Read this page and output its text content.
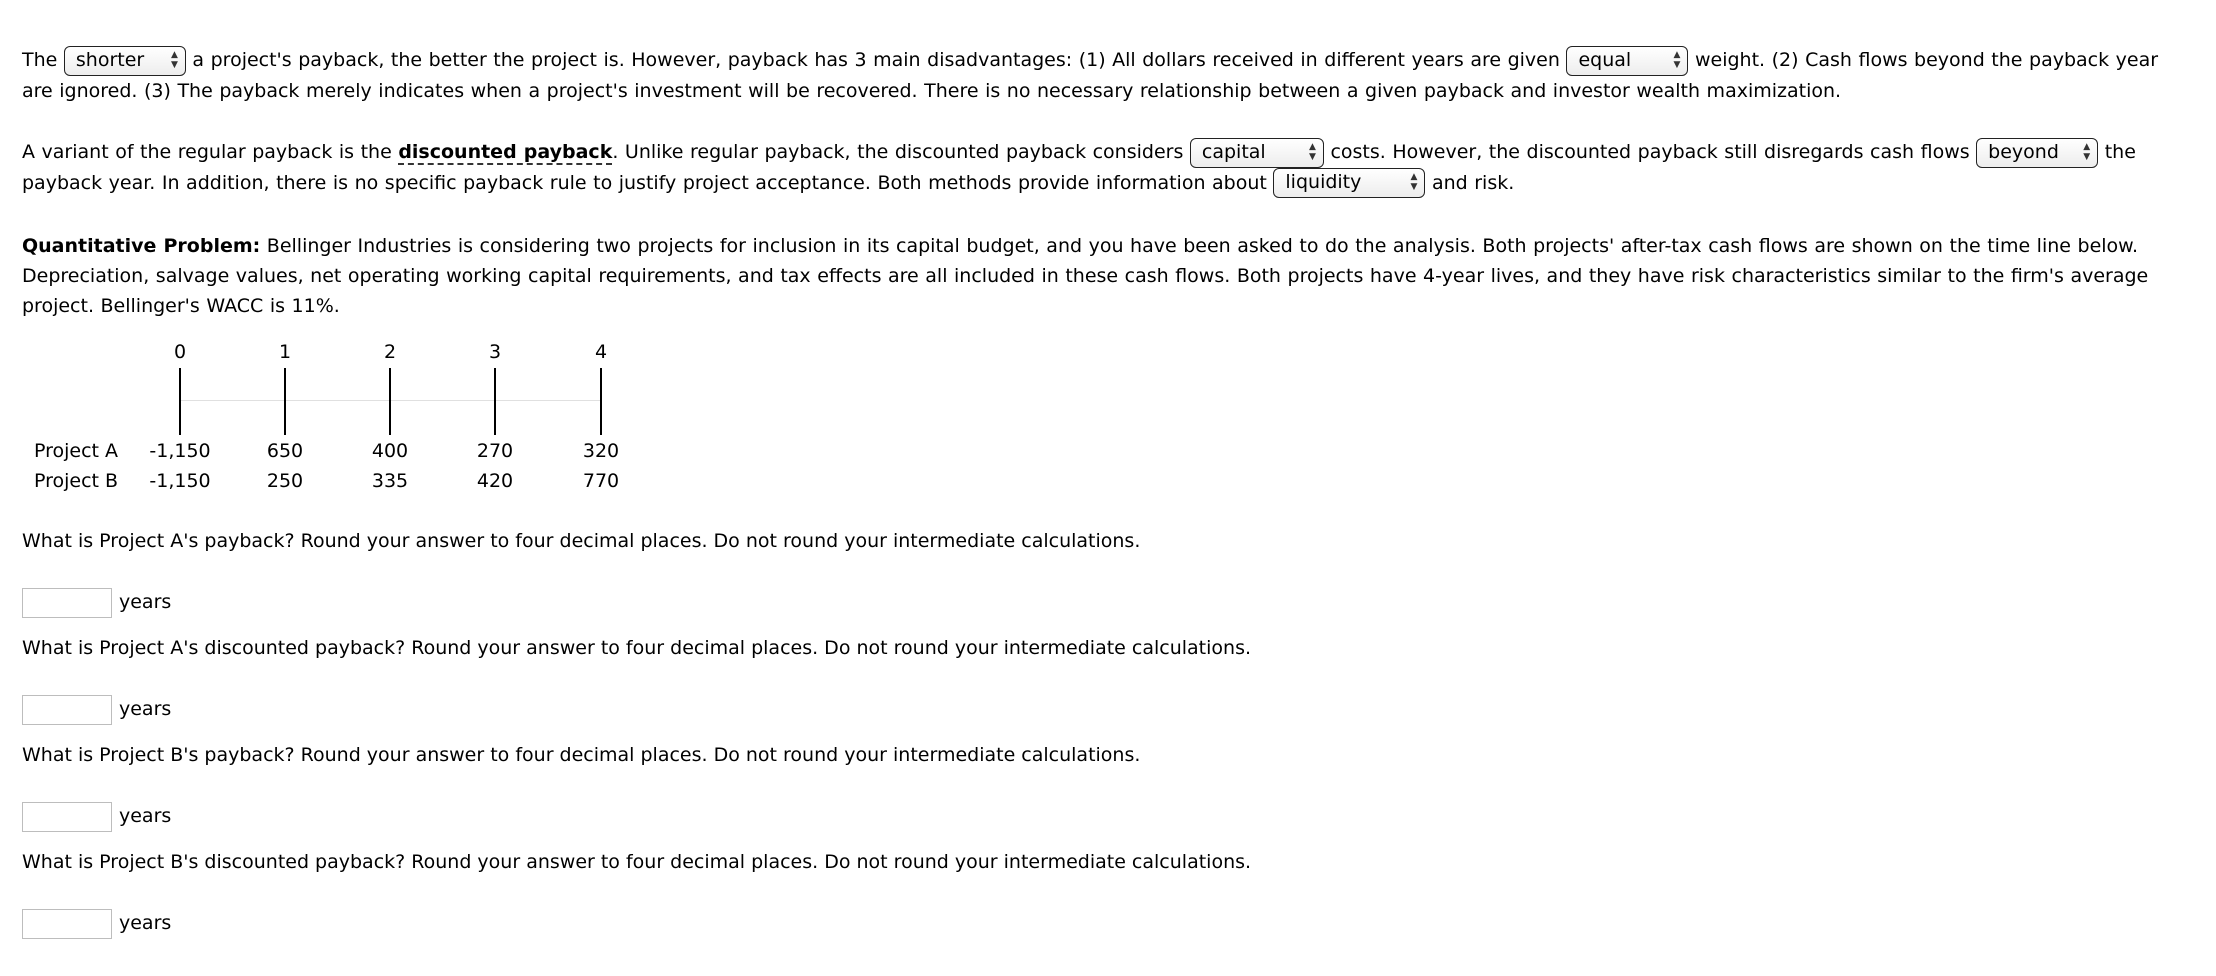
The shorter	▲
▼ a project's payback, the better the project is. However, payback has 3 main disadvantages: (1) All dollars received in different years are given equal	▲
▼ weight. (2) Cash flows beyond the payback year are ignored. (3) The payback merely indicates when a project's investment will be recovered. There is no necessary relationship between a given payback and investor wealth maximization.

A variant of the regular payback is the discounted payback. Unlike regular payback, the discounted payback considers capital	▲
▼ costs. However, the discounted payback still disregards cash flows beyond	▲
▼ the payback year. In addition, there is no specific payback rule to justify project acceptance. Both methods provide information about liquidity	▲
▼ and risk.

Quantitative Problem: Bellinger Industries is considering two projects for inclusion in its capital budget, and you have been asked to do the analysis. Both projects' after-tax cash flows are shown on the time line below. Depreciation, salvage values, net operating working capital requirements, and tax effects are all included in these cash flows. Both projects have 4-year lives, and they have risk characteristics similar to the firm's average project. Bellinger's WACC is 11%.

0	1	2	3	4
Project A	-1,150	650	400	270	320
Project B	-1,150	250	335	420	770
What is Project A's payback? Round your answer to four decimal places. Do not round your intermediate calculations.
years
What is Project A's discounted payback? Round your answer to four decimal places. Do not round your intermediate calculations.
years
What is Project B's payback? Round your answer to four decimal places. Do not round your intermediate calculations.
years
What is Project B's discounted payback? Round your answer to four decimal places. Do not round your intermediate calculations.
years
